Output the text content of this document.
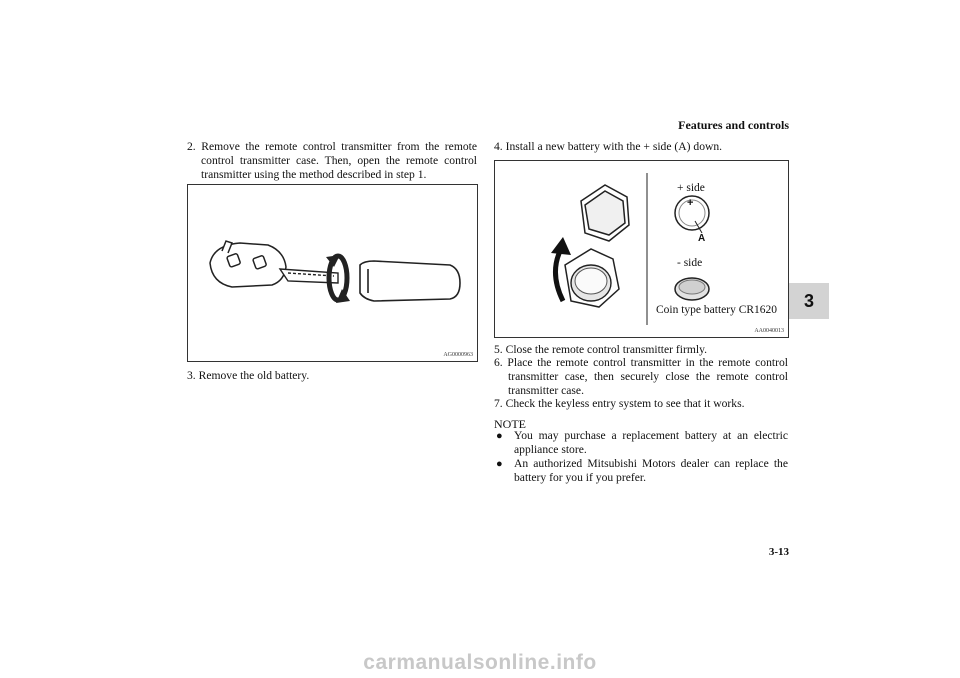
Features and controls
3
2. Remove the remote control transmitter from the remote control transmitter case. Then, open the remote control transmitter using the method described in step 1.
AG0000963
3. Remove the old battery.
4. Install a new battery with the + side (A) down.
+ side
+
A
- side
Coin type battery CR1620
AA0040013
5. Close the remote control transmitter firmly.
6. Place the remote control transmitter in the remote control transmitter case, then securely close the remote control transmitter case.
7. Check the keyless entry system to see that it works.
NOTE
● You may purchase a replacement battery at an electric appliance store.
● An authorized Mitsubishi Motors dealer can replace the battery for you if you prefer.
3-13
carmanualsonline.info
